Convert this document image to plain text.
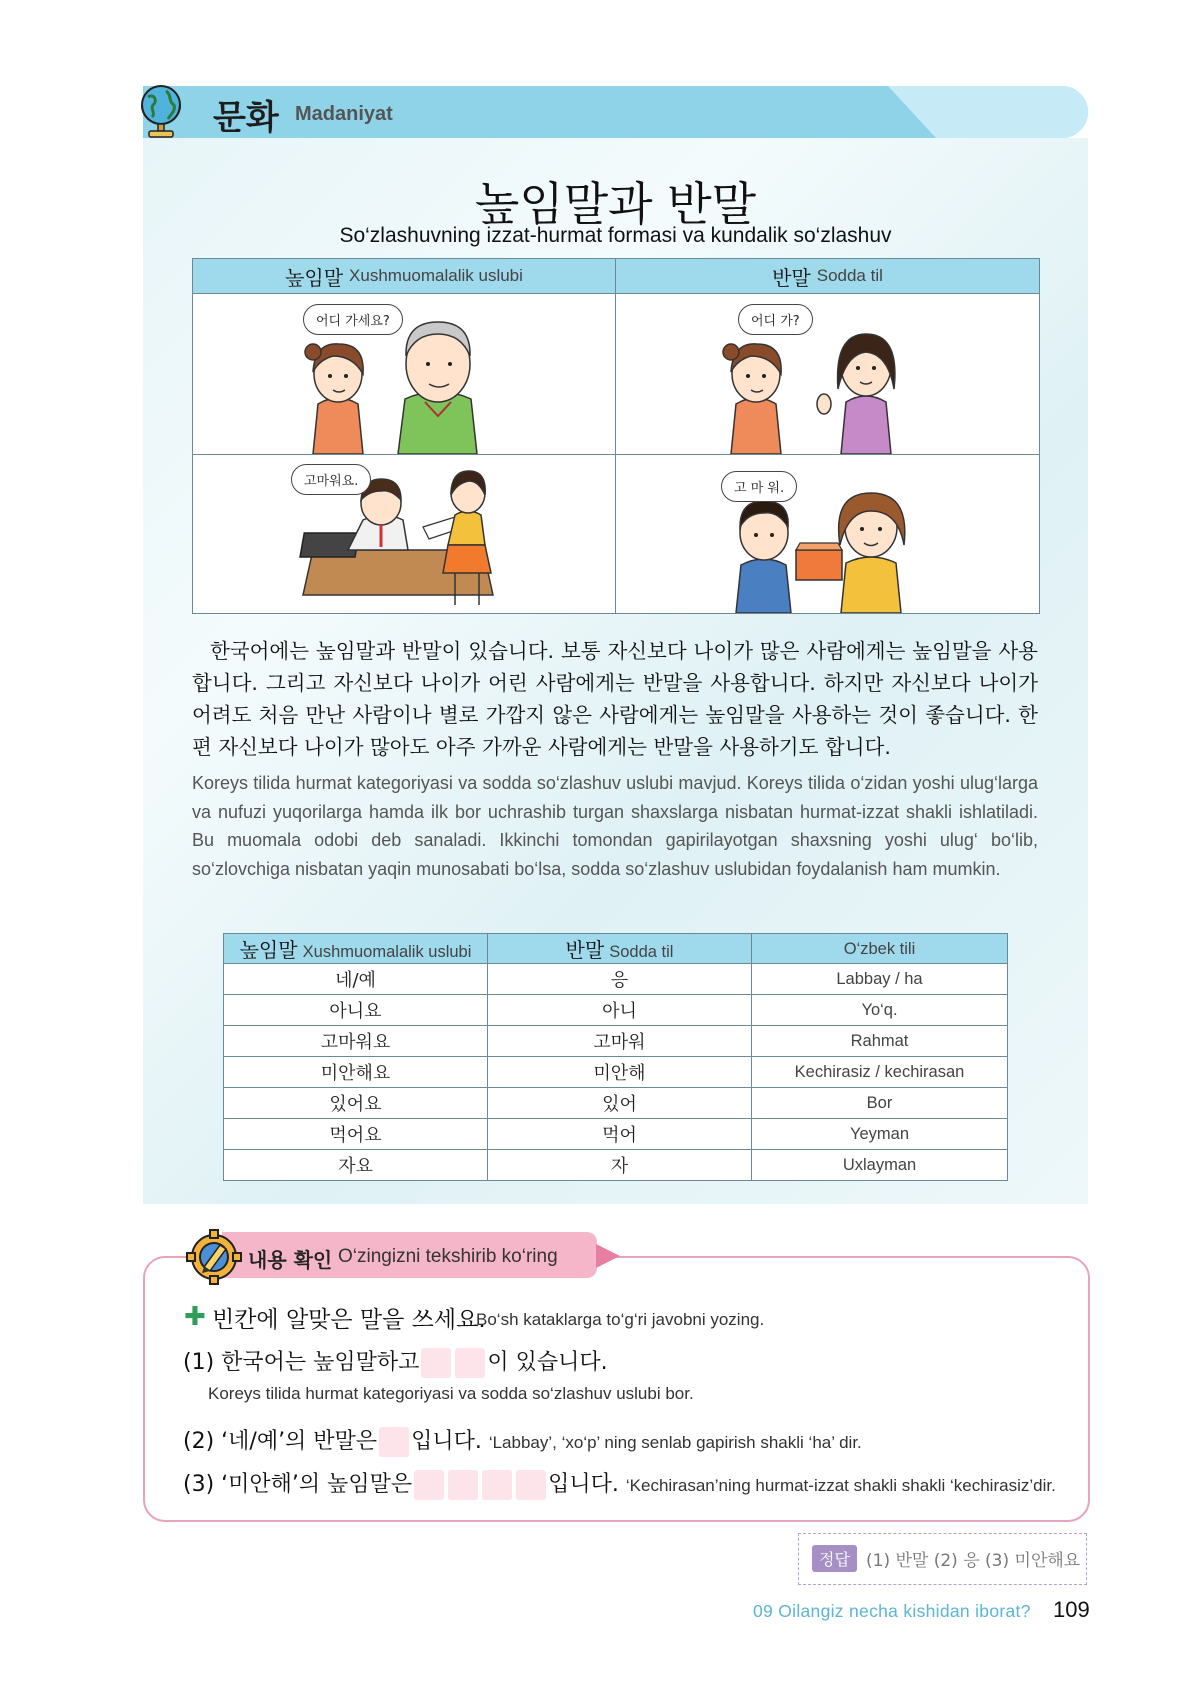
문화 Madaniyat
높임말과 반말
So‘zlashuvning izzat-hurmat formasi va kundalik so‘zlashuv
높임말 Xushmuomalalik uslubi	반말 Sodda til
어디 가세요?	어디 가?
고마워요.	고 마 워.
한국어에는 높임말과 반말이 있습니다. 보통 자신보다 나이가 많은 사람에게는 높임말을 사용합니다. 그리고 자신보다 나이가 어린 사람에게는 반말을 사용합니다. 하지만 자신보다 나이가 어려도 처음 만난 사람이나 별로 가깝지 않은 사람에게는 높임말을 사용하는 것이 좋습니다. 한편 자신보다 나이가 많아도 아주 가까운 사람에게는 반말을 사용하기도 합니다.
Koreys tilida hurmat kategoriyasi va sodda so‘zlashuv uslubi mavjud. Koreys tilida o‘zidan yoshi ulug‘larga va nufuzi yuqorilarga hamda ilk bor uchrashib turgan shaxslarga nisbatan hurmat-izzat shakli ishlatiladi. Bu muomala odobi deb sanaladi. Ikkinchi tomondan gapirilayotgan shaxsning yoshi ulug‘ bo‘lib, so‘zlovchiga nisbatan yaqin munosabati bo‘lsa, sodda so‘zlashuv uslubidan foydalanish ham mumkin.
높임말 Xushmuomalalik uslubi	반말 Sodda til	O‘zbek tili
네/예	응	Labbay / ha
아니요	아니	Yo‘q.
고마워요	고마워	Rahmat
미안해요	미안해	Kechirasiz / kechirasan
있어요	있어	Bor
먹어요	먹어	Yeyman
자요	자	Uxlayman
내용 확인 O‘zingizni tekshirib ko‘ring
✚ 빈칸에 알맞은 말을 쓰세요.
Bo‘sh kataklarga to‘g‘ri javobni yozing.
(1) 한국어는 높임말하고	이 있습니다.
Koreys tilida hurmat kategoriyasi va sodda so‘zlashuv uslubi bor.
(2) ‘네/예’의 반말은 입니다. ‘Labbay’, ‘xo‘p’ ning senlab gapirish shakli ‘ha’ dir.
(3) ‘미안해’의 높임말은	입니다. ‘Kechirasan’ning hurmat-izzat shakli shakli ‘kechirasiz’dir.
정답 (1) 반말 (2) 응 (3) 미안해요
09 Oilangiz necha kishidan iborat? 109
